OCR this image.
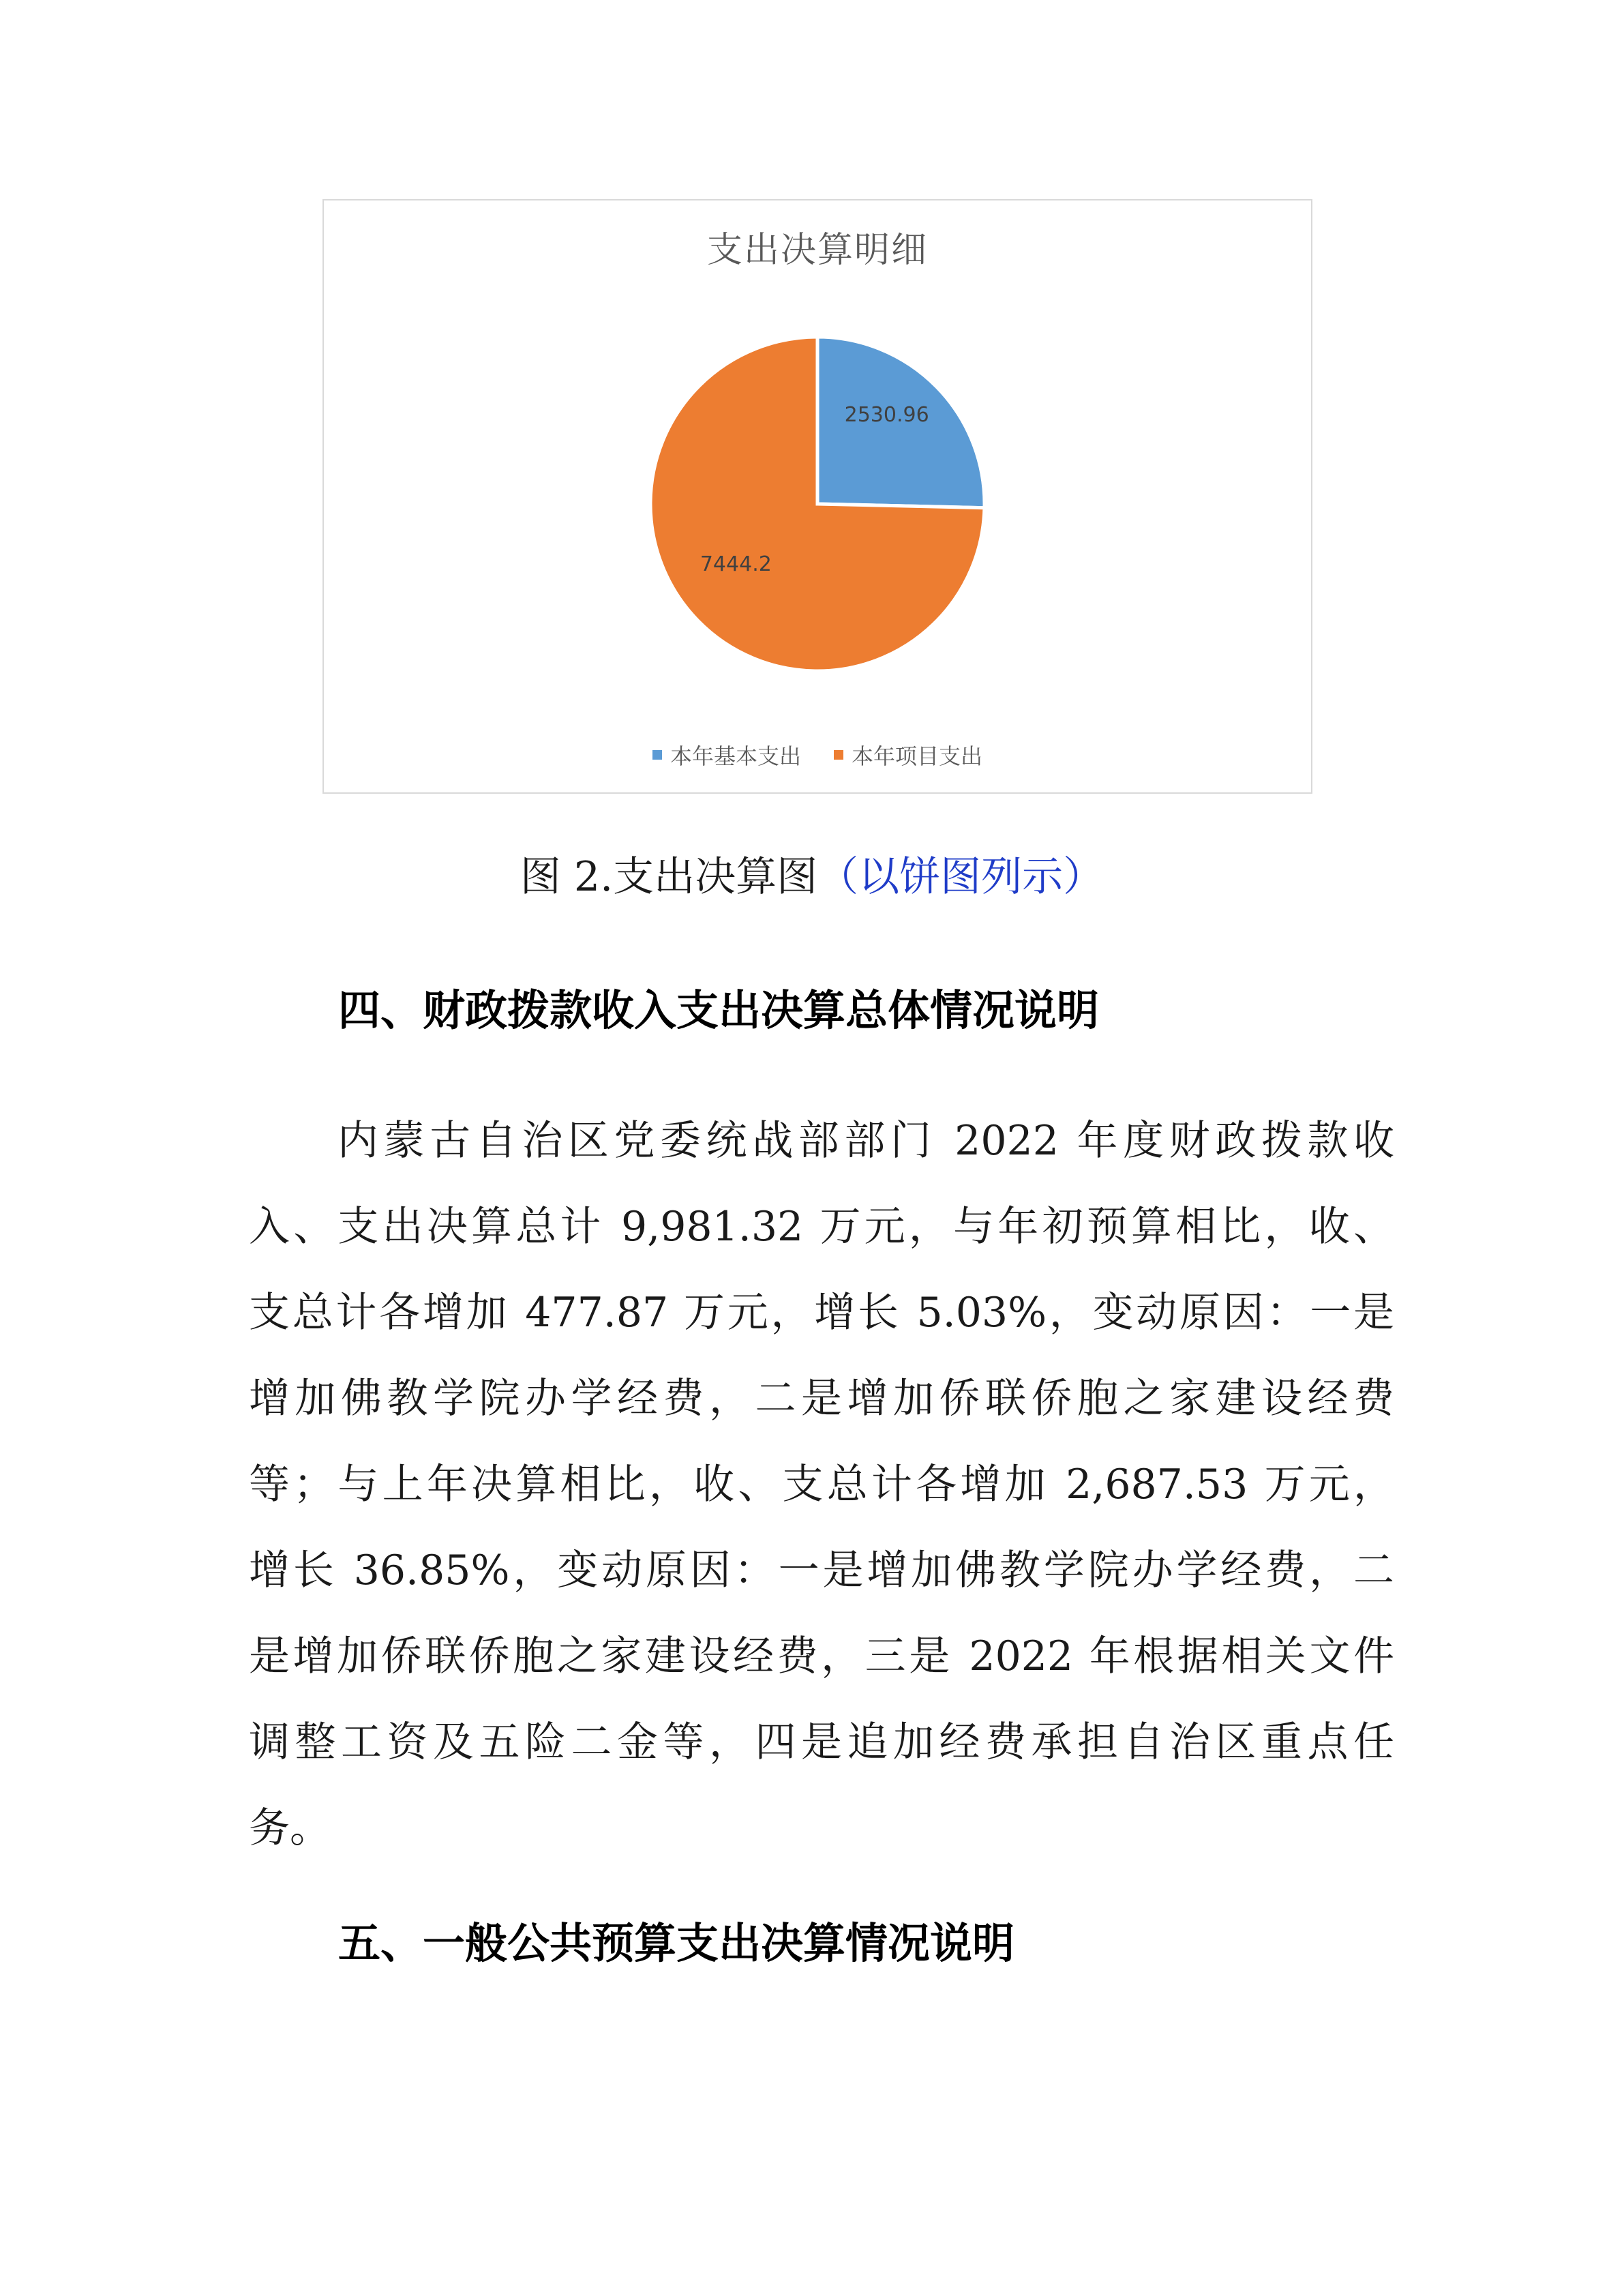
支出决算明细
2530.96
7444.2
本年基本支出 本年项目支出
图 2.支出决算图（以饼图列示）
四、财政拨款收入支出决算总体情况说明
内蒙古自治区党委统战部部门 2022 年度财政拨款收
入、支出决算总计 9,981.32 万元，与年初预算相比，收、
支总计各增加 477.87 万元，增长 5.03%，变动原因：一是
增加佛教学院办学经费，二是增加侨联侨胞之家建设经费
等；与上年决算相比，收、支总计各增加 2,687.53 万元，
增长 36.85%，变动原因：一是增加佛教学院办学经费，二
是增加侨联侨胞之家建设经费，三是 2022 年根据相关文件
调整工资及五险二金等，四是追加经费承担自治区重点任
务。
五、一般公共预算支出决算情况说明
